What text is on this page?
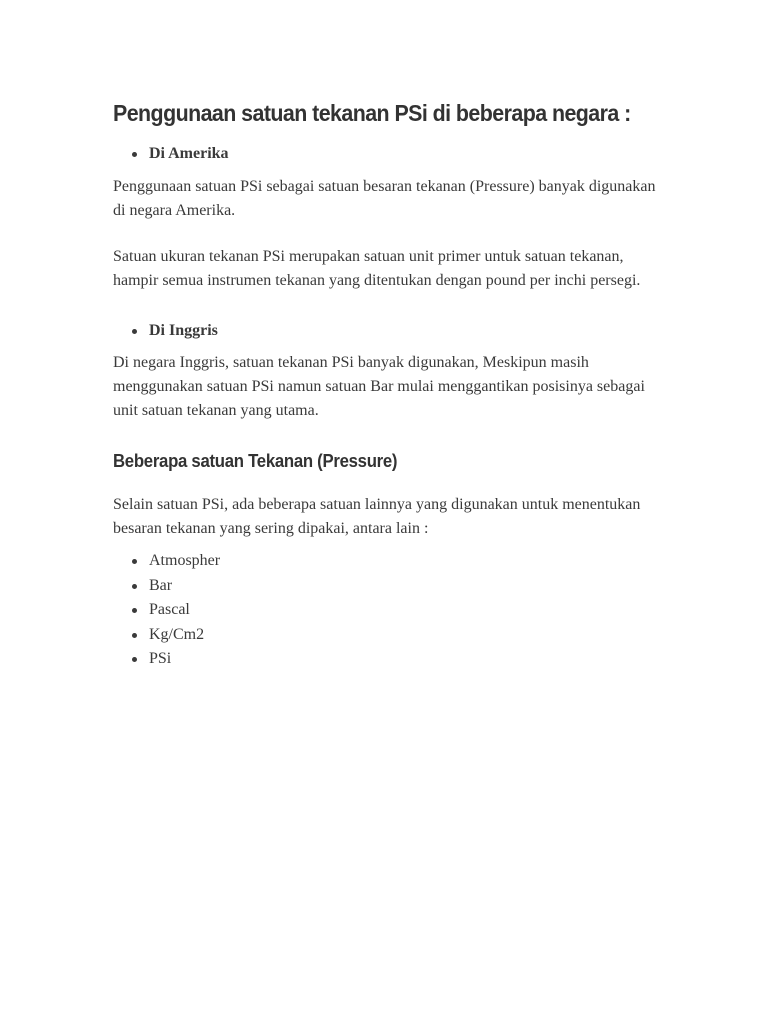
Penggunaan satuan tekanan PSi di beberapa negara :
Di Amerika

Penggunaan satuan PSi sebagai satuan besaran tekanan (Pressure) banyak digunakan di negara Amerika.

Satuan ukuran tekanan PSi merupakan satuan unit primer untuk satuan tekanan, hampir semua instrumen tekanan yang ditentukan dengan pound per inchi persegi.

Di Inggris

Di negara Inggris, satuan tekanan PSi banyak digunakan, Meskipun masih menggunakan satuan PSi namun satuan Bar mulai menggantikan posisinya sebagai unit satuan tekanan yang utama.

Beberapa satuan Tekanan (Pressure)

Selain satuan PSi, ada beberapa satuan lainnya yang digunakan untuk menentukan besaran tekanan yang sering dipakai, antara lain :

Atmospher
Bar
Pascal
Kg/Cm2
PSi
